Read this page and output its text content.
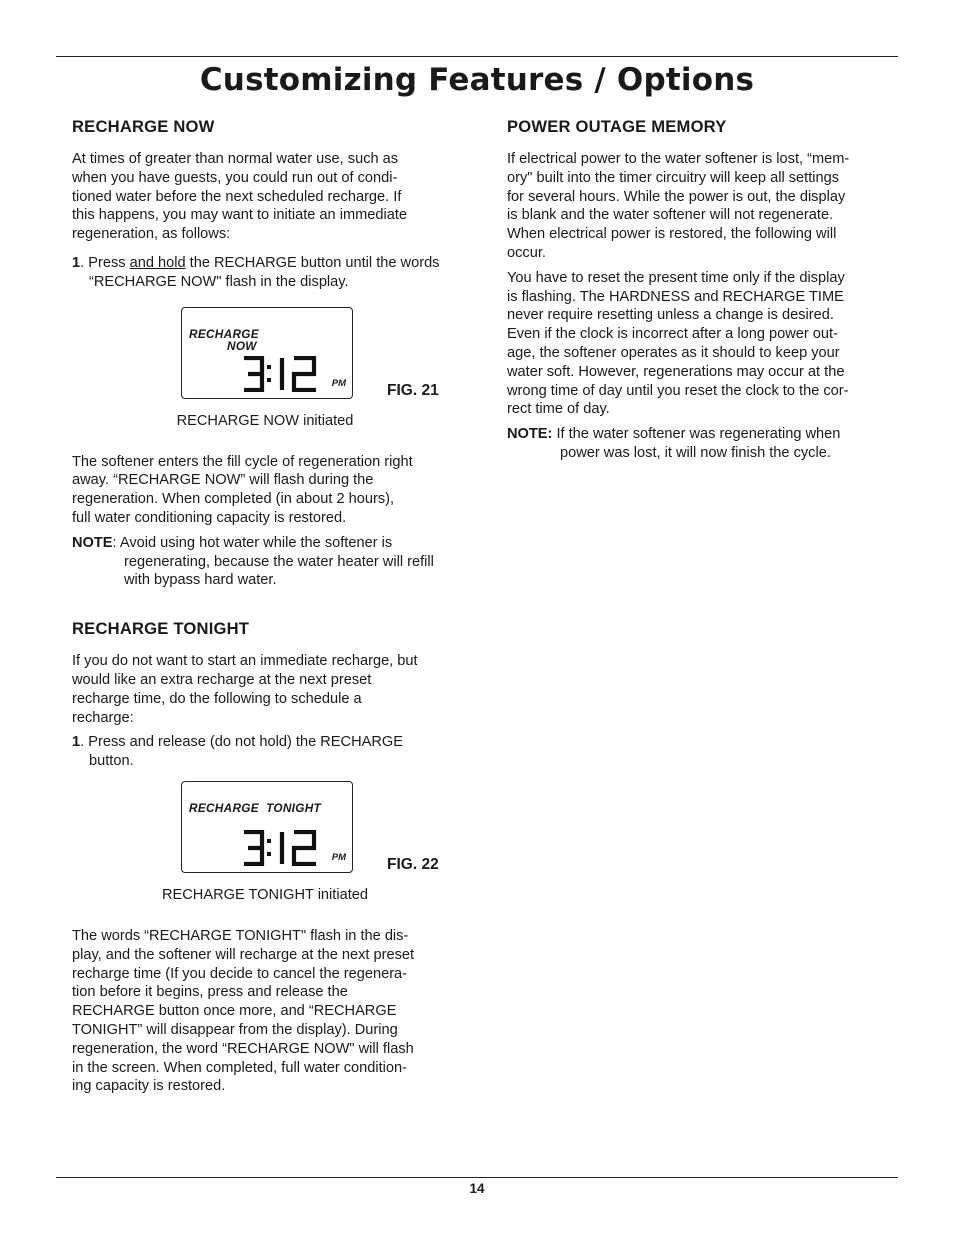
Customizing Features / Options
RECHARGE NOW

At times of greater than normal water use, such as
when you have guests, you could run out of condi-
tioned water before the next scheduled recharge. If
this happens, you may want to initiate an immediate
regeneration, as follows:

1. Press and hold the RECHARGE button until the words “RECHARGE NOW" flash in the display.

RECHARGE
NOW
PM	FIG. 21
RECHARGE NOW initiated

The softener enters the fill cycle of regeneration right
away. “RECHARGE NOW” will flash during the
regeneration. When completed (in about 2 hours),
full water conditioning capacity is restored.

NOTE: Avoid using hot water while the softener is regenerating, because the water heater will refill with bypass hard water.

RECHARGE TONIGHT

If you do not want to start an immediate recharge, but
would like an extra recharge at the next preset
recharge time, do the following to schedule a
recharge:

1. Press and release (do not hold) the RECHARGE button.

RECHARGE  TONIGHT
PM	FIG. 22
RECHARGE TONIGHT initiated

The words “RECHARGE TONIGHT" flash in the dis-
play, and the softener will recharge at the next preset
recharge time (If you decide to cancel the regenera-
tion before it begins, press and release the
RECHARGE button once more, and “RECHARGE
TONIGHT” will disappear from the display). During
regeneration, the word “RECHARGE NOW" will flash
in the screen. When completed, full water condition-
ing capacity is restored.

POWER OUTAGE MEMORY

If electrical power to the water softener is lost, “mem-
ory" built into the timer circuitry will keep all settings
for several hours. While the power is out, the display
is blank and the water softener will not regenerate.
When electrical power is restored, the following will
occur.

You have to reset the present time only if the display
is flashing. The HARDNESS and RECHARGE TIME
never require resetting unless a change is desired.
Even if the clock is incorrect after a long power out-
age, the softener operates as it should to keep your
water soft. However, regenerations may occur at the
wrong time of day until you reset the clock to the cor-
rect time of day.

NOTE: If the water softener was regenerating when power was lost, it will now finish the cycle.

14
